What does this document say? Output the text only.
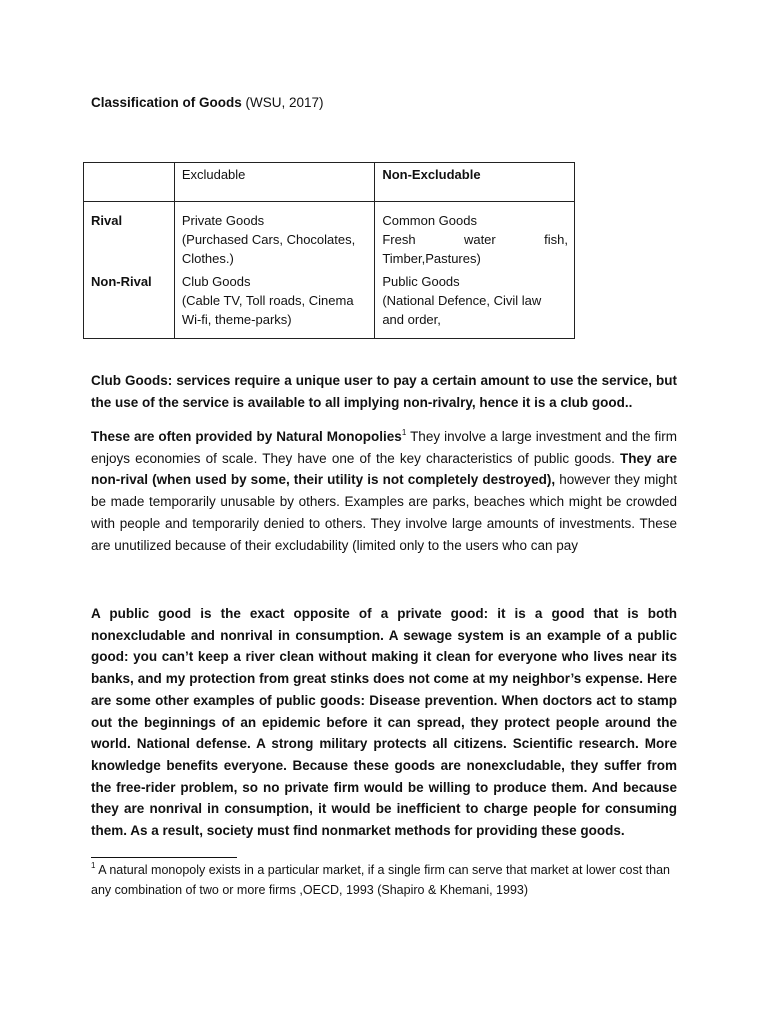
Classification of Goods (WSU, 2017)
	Excludable	Non-Excludable
Rival	Private Goods
(Purchased Cars, Chocolates,
Clothes.)	Common Goods
Fresh water fish,
Timber,Pastures)

Non-Rival	Club Goods
(Cable TV, Toll roads, Cinema
Wi-fi, theme-parks)	Public Goods
(National Defence, Civil law
and order,
Club Goods: services require a unique user to pay a certain amount to use the service, but the use of the service is available to all implying non-rivalry, hence it is a club good..
These are often provided by Natural Monopolies$^1$ They involve a large investment and the firm enjoys economies of scale. They have one of the key characteristics of public goods. They are non-rival (when used by some, their utility is not completely destroyed), however they might be made temporarily unusable by others. Examples are parks, beaches which might be crowded with people and temporarily denied to others. They involve large amounts of investments. These are unutilized because of their excludability (limited only to the users who can pay
A public good is the exact opposite of a private good: it is a good that is both nonexcludable and nonrival in consumption. A sewage system is an example of a public good: you can’t keep a river clean without making it clean for everyone who lives near its banks, and my protection from great stinks does not come at my neighbor’s expense. Here are some other examples of public goods: Disease prevention. When doctors act to stamp out the beginnings of an epidemic before it can spread, they protect people around the world. National defense. A strong military protects all citizens. Scientific research. More knowledge benefits everyone. Because these goods are nonexcludable, they suffer from the free-rider problem, so no private firm would be willing to produce them. And because they are nonrival in consumption, it would be inefficient to charge people for consuming them. As a result, society must find nonmarket methods for providing these goods.
$^1$ A natural monopoly exists in a particular market, if a single firm can serve that market at lower cost than any combination of two or more firms ,OECD, 1993 (Shapiro & Khemani, 1993)
